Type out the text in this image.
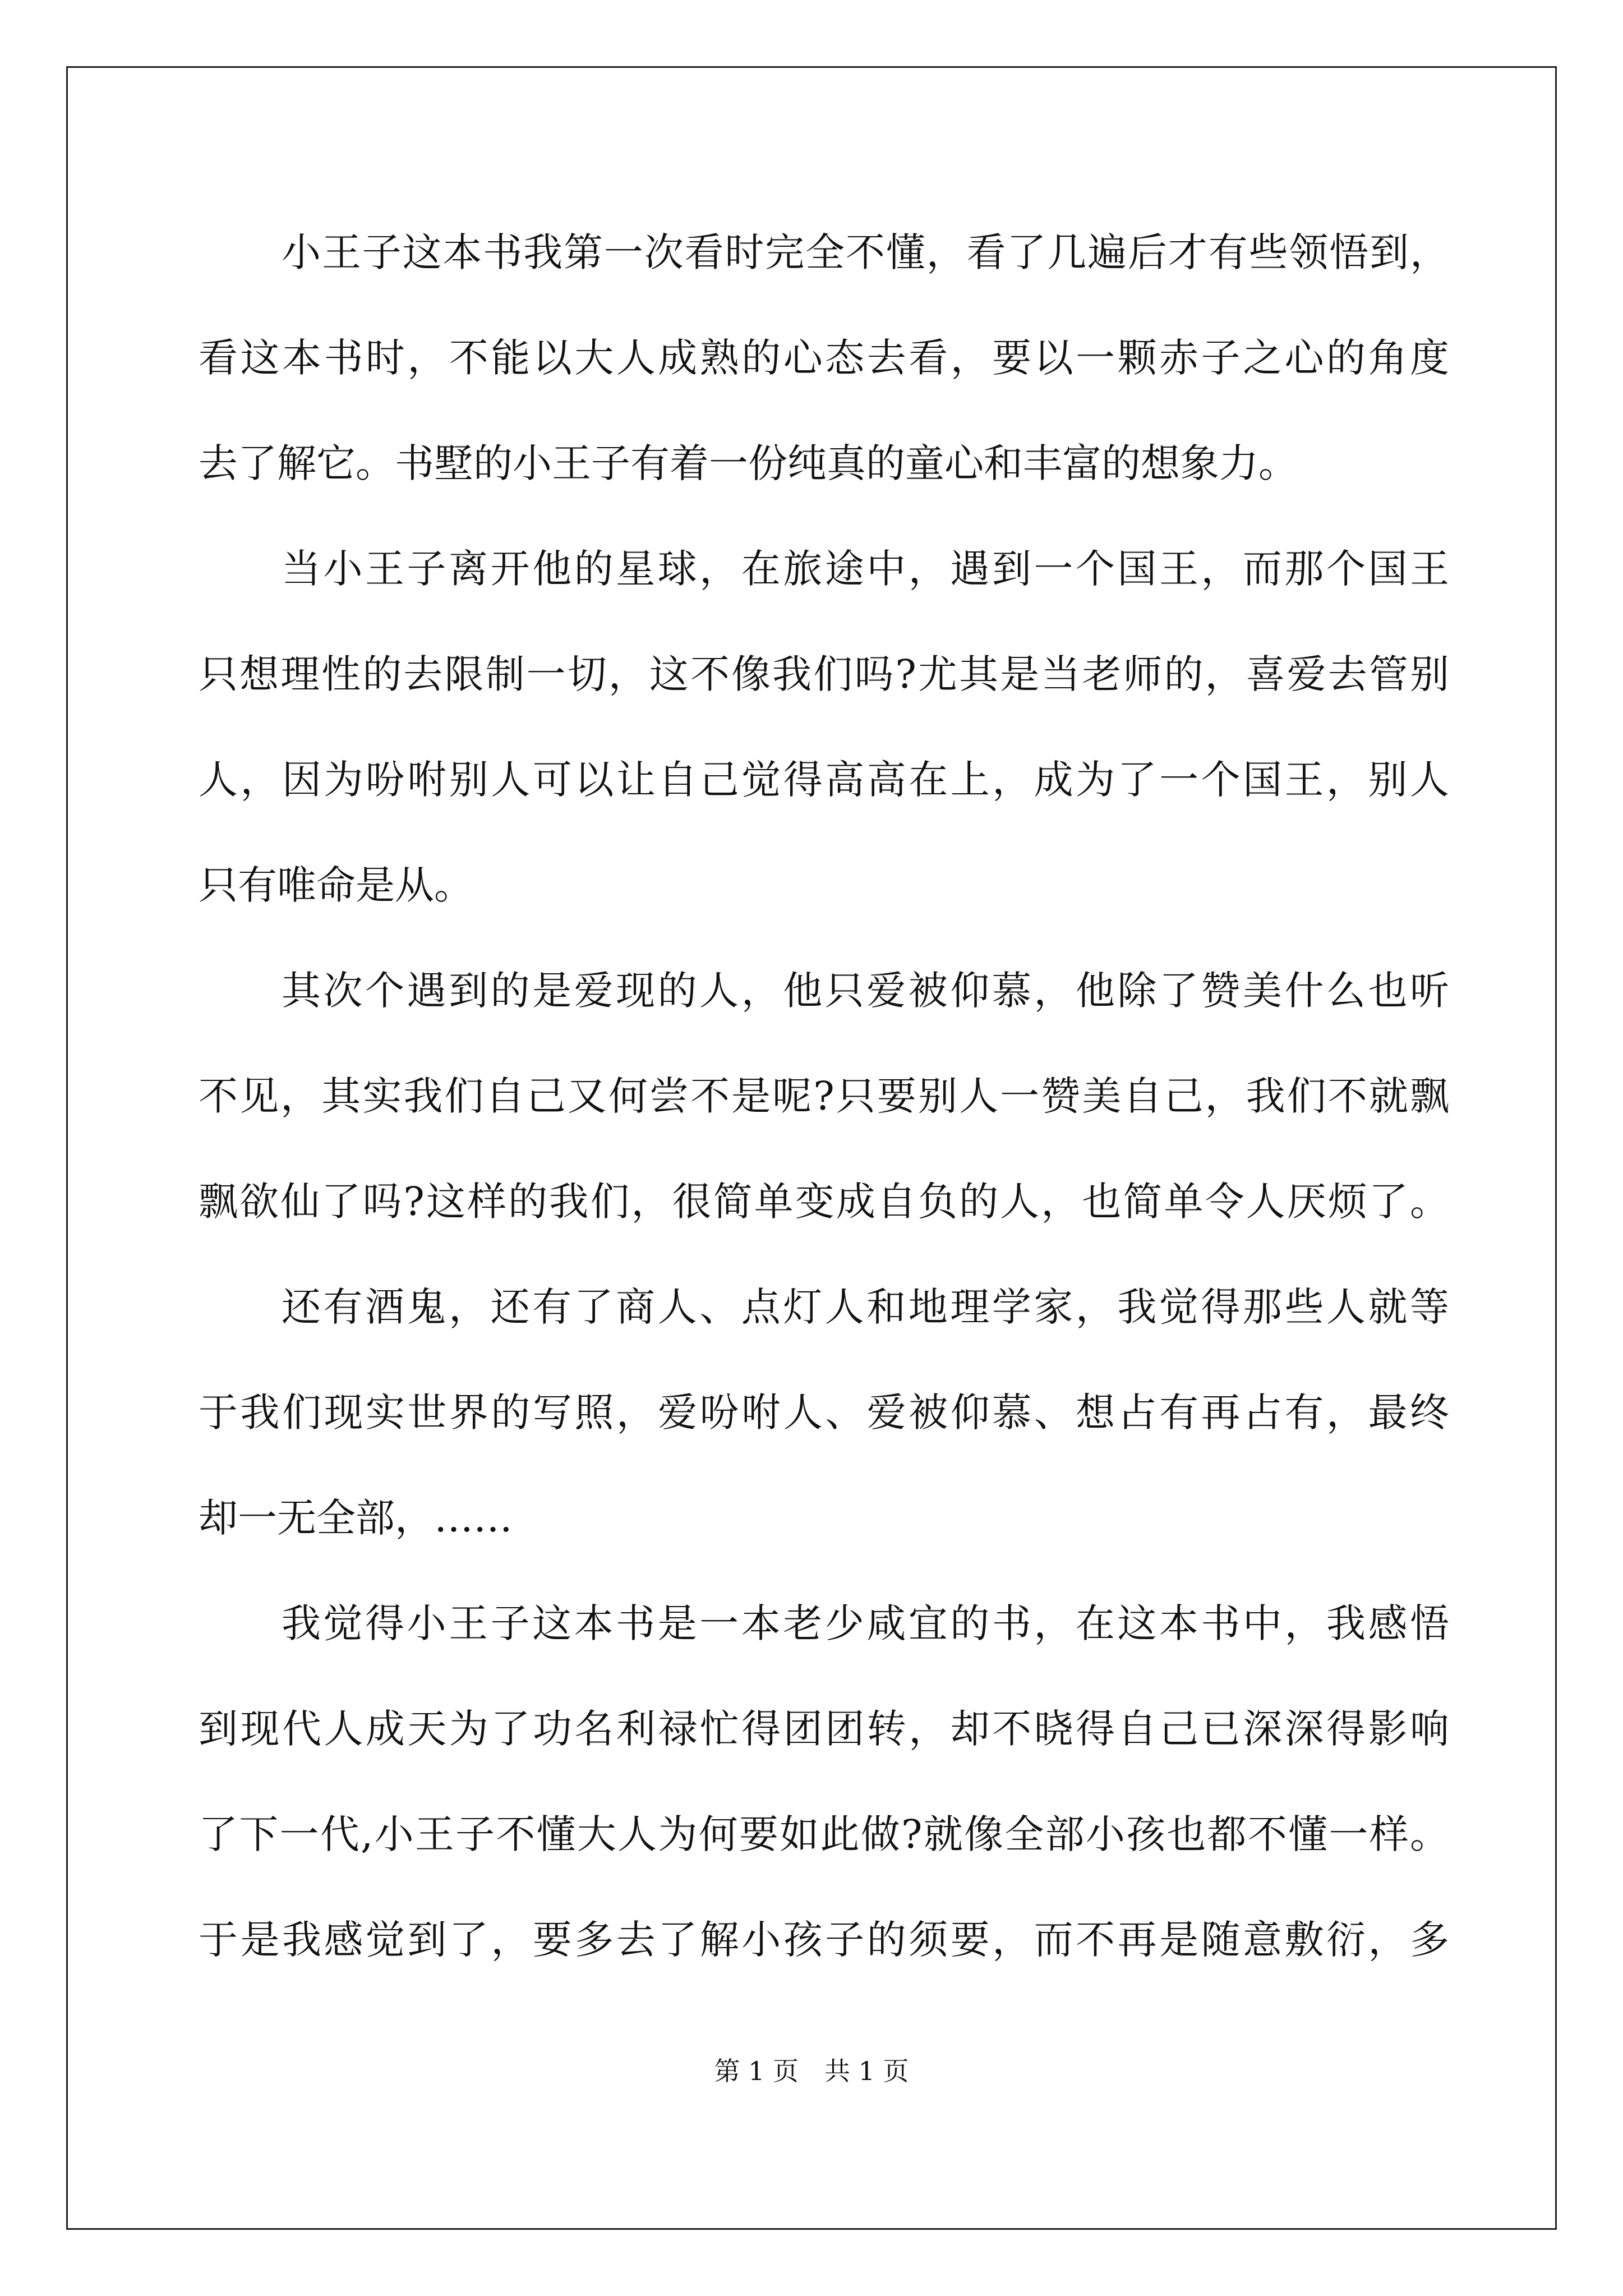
小王子这本书我第一次看时完全不懂，看了几遍后才有些领悟到，
看这本书时，不能以大人成熟的心态去看，要以一颗赤子之心的角度
去了解它。书墅的小王子有着一份纯真的童心和丰富的想象力。
当小王子离开他的星球，在旅途中，遇到一个国王，而那个国王
只想理性的去限制一切，这不像我们吗?尤其是当老师的，喜爱去管别
人，因为吩咐别人可以让自己觉得高高在上，成为了一个国王，别人
只有唯命是从。
其次个遇到的是爱现的人，他只爱被仰慕，他除了赞美什么也听
不见，其实我们自己又何尝不是呢?只要别人一赞美自己，我们不就飘
飘欲仙了吗?这样的我们，很简单变成自负的人，也简单令人厌烦了。
还有酒鬼，还有了商人、点灯人和地理学家，我觉得那些人就等
于我们现实世界的写照，爱吩咐人、爱被仰慕、想占有再占有，最终
却一无全部，……
我觉得小王子这本书是一本老少咸宜的书，在这本书中，我感悟
到现代人成天为了功名利禄忙得团团转，却不晓得自己已深深得影响
了下一代,小王子不懂大人为何要如此做?就像全部小孩也都不懂一样。
于是我感觉到了，要多去了解小孩子的须要，而不再是随意敷衍，多
第 1 页 共 1 页
